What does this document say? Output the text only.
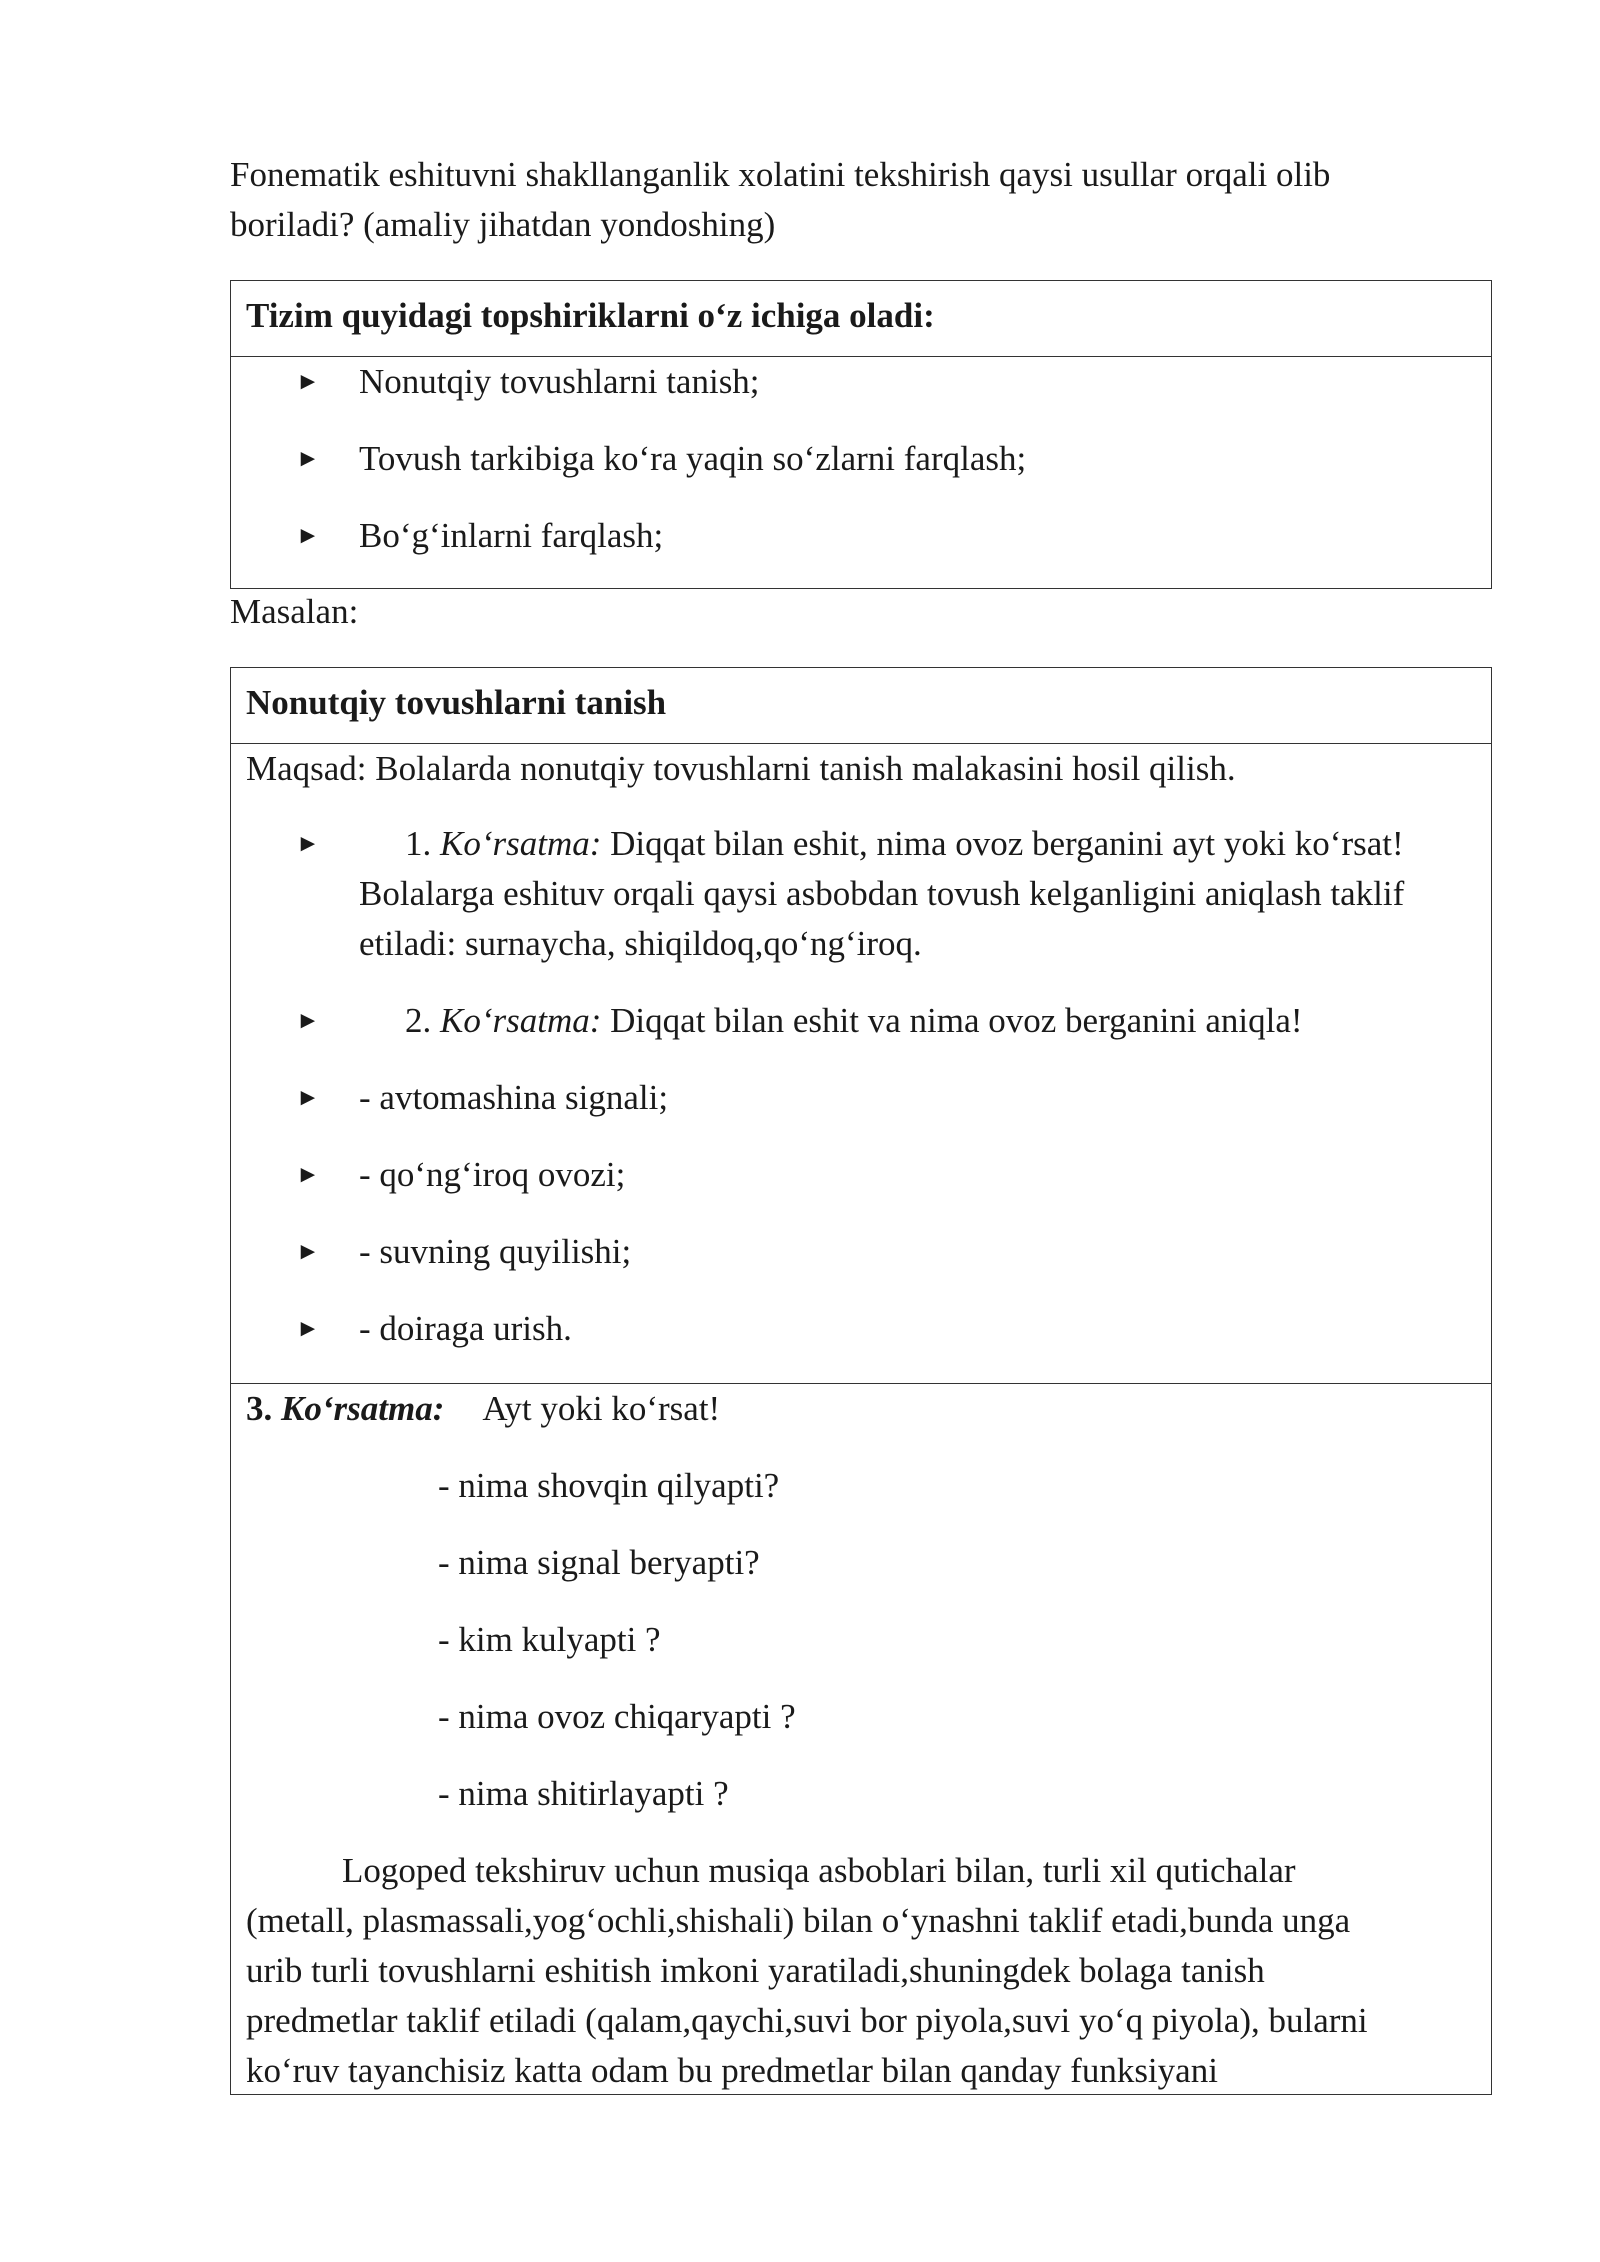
Fonematik eshituvni shakllanganlik xolatini tekshirish qaysi usullar orqali olib
boriladi? (amaliy jihatdan yondoshing)

Tizim quyidagi topshiriklarni o‘z ichiga oladi:
► Nonutqiy tovushlarni tanish;
► Tovush tarkibiga ko‘ra yaqin so‘zlarni farqlash;
► Bo‘g‘inlarni farqlash;

Masalan:

Nonutqiy tovushlarni tanish
Maqsad: Bolalarda nonutqiy tovushlarni tanish malakasini hosil qilish.
► 1. Ko‘rsatma: Diqqat bilan eshit, nima ovoz berganini ayt yoki ko‘rsat!
Bolalarga eshituv orqali qaysi asbobdan tovush kelganligini aniqlash taklif
etiladi: surnaycha, shiqildoq,qo‘ng‘iroq.
► 2. Ko‘rsatma: Diqqat bilan eshit va nima ovoz berganini aniqla!
► - avtomashina signali;
► - qo‘ng‘iroq ovozi;
► - suvning quyilishi;
► - doiraga urish.
3. Ko‘rsatma: Ayt yoki ko‘rsat!
- nima shovqin qilyapti?
- nima signal beryapti?
- kim kulyapti ?
- nima ovoz chiqaryapti ?
- nima shitirlayapti ?
Logoped tekshiruv uchun musiqa asboblari bilan, turli xil qutichalar
(metall, plasmassali,yog‘ochli,shishali) bilan o‘ynashni taklif etadi,bunda unga
urib turli tovushlarni eshitish imkoni yaratiladi,shuningdek bolaga tanish
predmetlar taklif etiladi (qalam,qaychi,suvi bor piyola,suvi yo‘q piyola), bularni
ko‘ruv tayanchisiz katta odam bu predmetlar bilan qanday funksiyani
